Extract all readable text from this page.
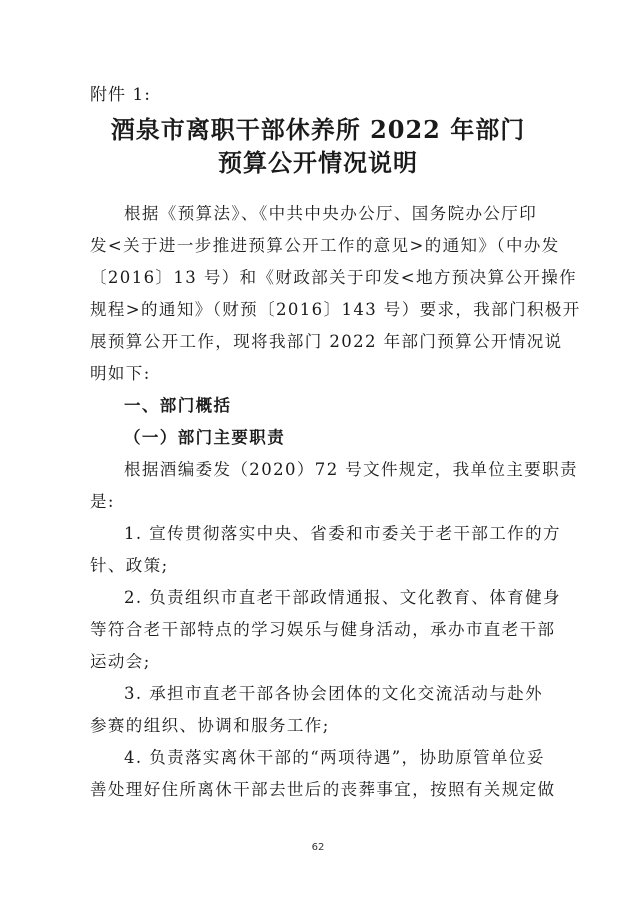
附件 1:
酒泉市离职干部休养所 2022 年部门
预算公开情况说明
根据《预算法》、《中共中央办公厅、国务院办公厅印
发<关于进一步推进预算公开工作的意见>的通知》（中办发
〔2016〕13 号）和《财政部关于印发<地方预决算公开操作
规程>的通知》（财预〔2016〕143 号）要求，我部门积极开
展预算公开工作，现将我部门 2022 年部门预算公开情况说
明如下:
一、部门概括
（一）部门主要职责
根据酒编委发（2020）72 号文件规定，我单位主要职责
是:
1. 宣传贯彻落实中央、省委和市委关于老干部工作的方
针、政策;
2. 负责组织市直老干部政情通报、文化教育、体育健身
等符合老干部特点的学习娱乐与健身活动，承办市直老干部
运动会;
3. 承担市直老干部各协会团体的文化交流活动与赴外
参赛的组织、协调和服务工作;
4. 负责落实离休干部的“两项待遇”，协助原管单位妥
善处理好住所离休干部去世后的丧葬事宜，按照有关规定做
62
